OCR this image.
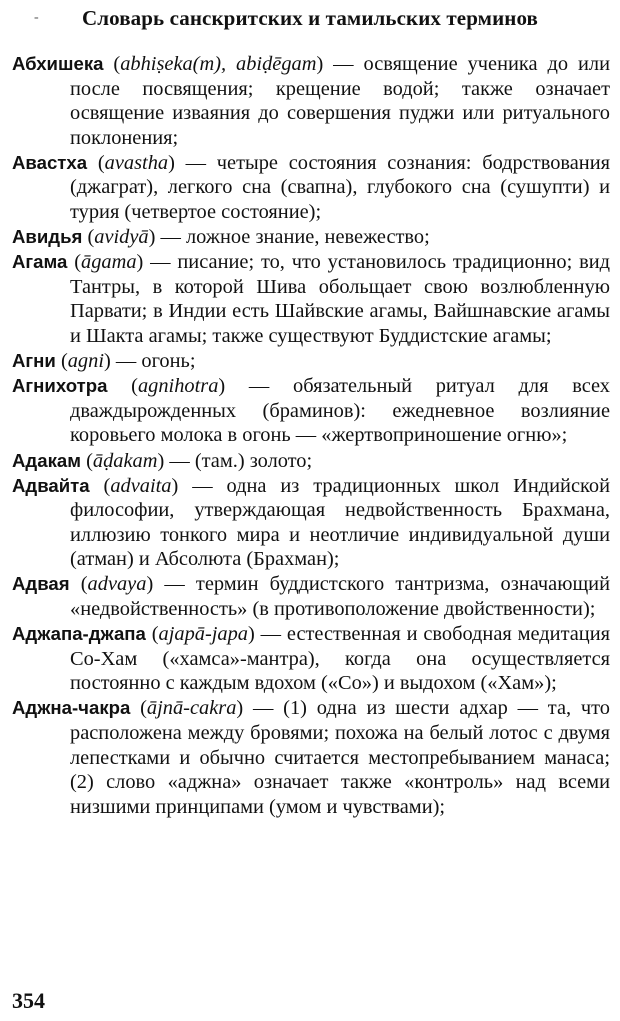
- Словарь санскритских и тамильских терминов

Абхишека (abhiṣeka(m), abiḍēgam) — освящение ученика до или после посвящения; крещение водой; также означает освящение изваяния до совершения пуджи или ритуального поклонения;

Авастха (avastha) — четыре состояния сознания: бодрствования (джаграт), легкого сна (свапна), глубокого сна (сушупти) и турия (четвертое состояние);

Авидья (avidyā) — ложное знание, невежество;

Агама (āgama) — писание; то, что установилось традиционно; вид Тантры, в которой Шива обольщает свою возлюбленную Парвати; в Индии есть Шайвские агамы, Вайшнавские агамы и Шакта агамы; также существуют Буддистские агамы;

Агни (agni) — огонь;

Агнихотра (agnihotra) — обязательный ритуал для всех дваждырожденных (браминов): ежедневное возлияние коровьего молока в огонь — «жертвоприношение огню»;

Адакам (āḍakam) — (там.) золото;

Адвайта (advaita) — одна из традиционных школ Индийской философии, утверждающая недвойственность Брахмана, иллюзию тонкого мира и неотличие индивидуальной души (атман) и Абсолюта (Брахман);

Адвая (advaya) — термин буддистского тантризма, означающий «недвойственность» (в противоположение двойственности);

Аджапа-джапа (ajapā-japa) — естественная и свободная медитация Со-Хам («хамса»-мантра), когда она осуществляется постоянно с каждым вдохом («Со») и выдохом («Хам»);

Аджна-чакра (ājnā-cakra) — (1) одна из шести адхар — та, что расположена между бровями; похожа на белый лотос с двумя лепестками и обычно считается местопребыванием манаса; (2) слово «аджна» означает также «контроль» над всеми низшими принципами (умом и чувствами);

354
